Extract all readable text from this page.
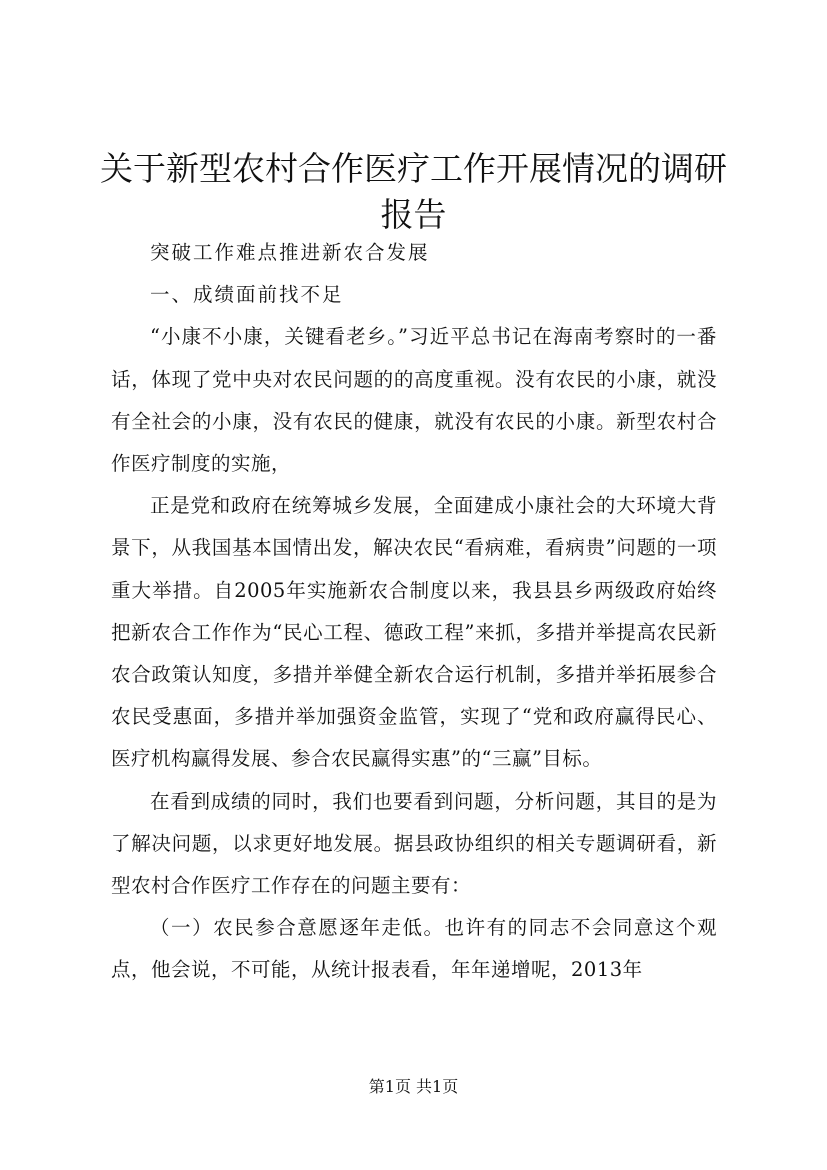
关于新型农村合作医疗工作开展情况的调研报告

突破工作难点推进新农合发展

一、成绩面前找不足

“小康不小康，关键看老乡。”习近平总书记在海南考察时的一番话，体现了党中央对农民问题的的高度重视。没有农民的小康，就没有全社会的小康，没有农民的健康，就没有农民的小康。新型农村合作医疗制度的实施，

正是党和政府在统筹城乡发展，全面建成小康社会的大环境大背景下，从我国基本国情出发，解决农民“看病难，看病贵”问题的一项重大举措。自2005年实施新农合制度以来，我县县乡两级政府始终把新农合工作作为“民心工程、德政工程”来抓，多措并举提高农民新农合政策认知度，多措并举健全新农合运行机制，多措并举拓展参合农民受惠面，多措并举加强资金监管，实现了“党和政府赢得民心、医疗机构赢得发展、参合农民赢得实惠”的“三赢”目标。

在看到成绩的同时，我们也要看到问题，分析问题，其目的是为了解决问题，以求更好地发展。据县政协组织的相关专题调研看，新型农村合作医疗工作存在的问题主要有：

（一）农民参合意愿逐年走低。也许有的同志不会同意这个观点，他会说，不可能，从统计报表看，年年递增呢，2013年

第1页 共1页
